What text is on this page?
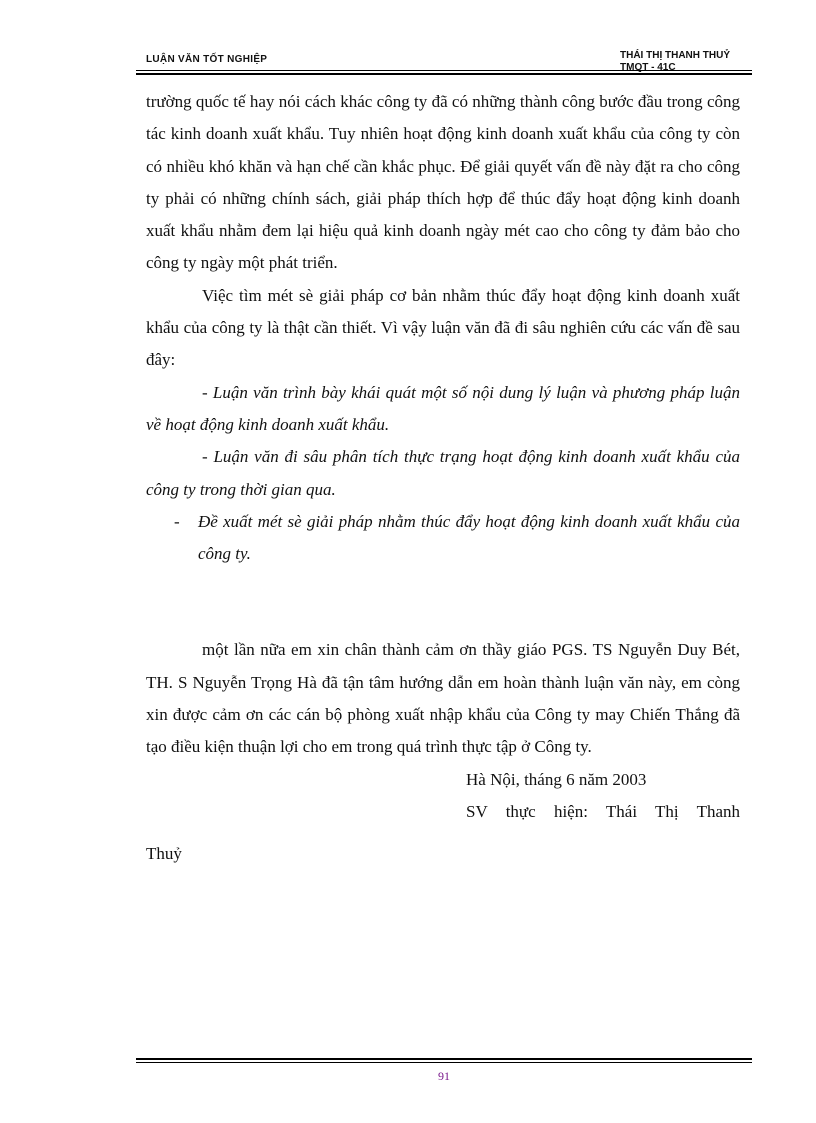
LUẬN VĂN TỐT NGHIỆP	THÁI THỊ THANH THUỶ
TMQT - 41C

trường quốc tế hay nói cách khác công ty đã có những thành công bước đầu trong công tác kinh doanh xuất khẩu. Tuy nhiên hoạt động kinh doanh xuất khẩu của công ty còn có nhiều khó khăn và hạn chế cần khắc phục. Để giải quyết vấn đề này đặt ra cho công ty phải có những chính sách, giải pháp thích hợp để thúc đẩy hoạt động kinh doanh xuất khẩu nhằm đem lại hiệu quả kinh doanh ngày mét cao cho công ty đảm bảo cho công ty ngày một phát triển.

Việc tìm mét sè giải pháp cơ bản nhằm thúc đẩy hoạt động kinh doanh xuất khẩu của công ty là thật cần thiết. Vì vậy luận văn đã đi sâu nghiên cứu các vấn đề sau đây:

- Luận văn trình bày khái quát một số nội dung lý luận và phương pháp luận về hoạt động kinh doanh xuất khẩu.

- Luận văn đi sâu phân tích thực trạng hoạt động kinh doanh xuất khẩu của công ty trong thời gian qua.

- Đề xuất mét sè giải pháp nhằm thúc đẩy hoạt động kinh doanh xuất khẩu của công ty.

một lần nữa em xin chân thành cảm ơn thầy giáo PGS. TS Nguyễn Duy Bét, TH. S Nguyễn Trọng Hà đã tận tâm hướng dẫn em hoàn thành luận văn này, em còng xin được cảm ơn các cán bộ phòng xuất nhập khẩu của Công ty may Chiến Thắng đã tạo điều kiện thuận lợi cho em trong quá trình thực tập ở Công ty.

Hà Nội, tháng 6 năm 2003

SV thực hiện: Thái Thị Thanh

Thuỷ

91
